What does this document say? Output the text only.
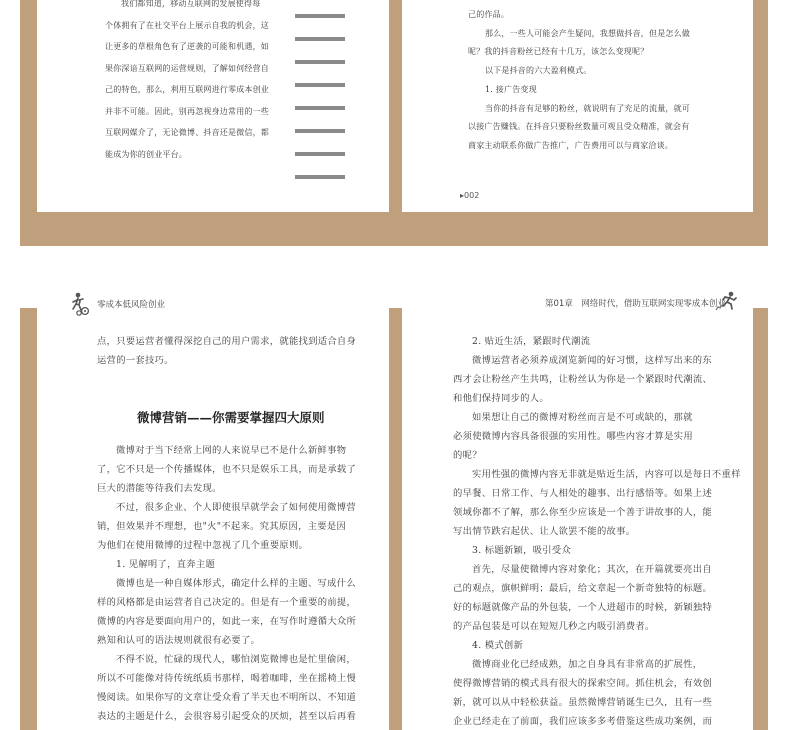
我们都知道，移动互联网的发展使得每

个体拥有了在社交平台上展示自我的机会，这

让更多的草根角色有了逆袭的可能和机遇，如

果你深谙互联网的运营规则，了解如何经营自

己的特色，那么，利用互联网进行零成本创业

并非不可能。因此，别再忽视身边常用的一些

互联网媒介了，无论微博、抖音还是微信，都

能成为你的创业平台。

己的作品。

那么，一些人可能会产生疑问，我想做抖音，但是怎么做

呢？我的抖音粉丝已经有十几万，该怎么变现呢？

以下是抖音的六大盈利模式。

1. 接广告变现

当你的抖音有足够的粉丝，就说明有了充足的流量，就可

以接广告赚钱。在抖音只要粉丝数量可观且受众精准，就会有

商家主动联系你做广告推广，广告费用可以与商家洽谈。

▸002
零成本低风险创业

点，只要运营者懂得深挖自己的用户需求，就能找到适合自身

运营的一套技巧。

微博营销——你需要掌握四大原则

微博对于当下经常上网的人来说早已不是什么新鲜事物

了，它不只是一个传播媒体，也不只是娱乐工具，而是承载了

巨大的潜能等待我们去发现。

不过，很多企业、个人即使很早就学会了如何使用微博营

销，但效果并不理想，也"火"不起来。究其原因，主要是因

为他们在使用微博的过程中忽视了几个重要原则。

1. 见解明了，直奔主题

微博也是一种自媒体形式，确定什么样的主题、写成什么

样的风格都是由运营者自己决定的。但是有一个重要的前提，

微博的内容是要面向用户的，如此一来，在写作时遵循大众所

熟知和认可的语法规则就很有必要了。

不得不说，忙碌的现代人，哪怕浏览微博也是忙里偷闲，

所以不可能像对待传统纸质书那样，喝着咖啡，坐在摇椅上慢

慢阅读。如果你写的文章让受众看了半天也不明所以、不知道

表达的主题是什么，会很容易引起受众的厌烦，甚至以后再看

第01章　网络时代，借助互联网实现零成本创业

2. 贴近生活，紧跟时代潮流

微博运营者必须养成浏览新闻的好习惯，这样写出来的东

西才会让粉丝产生共鸣，让粉丝认为你是一个紧跟时代潮流、

和他们保持同步的人。

如果想让自己的微博对粉丝而言是不可或缺的，那就

必须使微博内容具备很强的实用性。哪些内容才算是实用

的呢？

实用性强的微博内容无非就是贴近生活，内容可以是每日不重样

的早餐、日常工作、与人相处的趣事、出行感悟等。如果上述

领域你都不了解，那么你至少应该是一个善于讲故事的人，能

写出情节跌宕起伏、让人欲罢不能的故事。

3. 标题新颖，吸引受众

首先，尽量使微博内容对象化；其次，在开篇就要亮出自

己的观点，旗帜鲜明；最后，给文章起一个新奇独特的标题。

好的标题就像产品的外包装，一个人进超市的时候，新颖独特

的产品包装是可以在短短几秒之内吸引消费者。

4. 模式创新

微博商业化已经成熟，加之自身具有非常高的扩展性，

使得微博营销的模式具有很大的探索空间。抓住机会，有效创

新，就可以从中轻松获益。虽然微博营销诞生已久，且有一些

企业已经走在了前面，我们应该多多考借鉴这些成功案例，而
